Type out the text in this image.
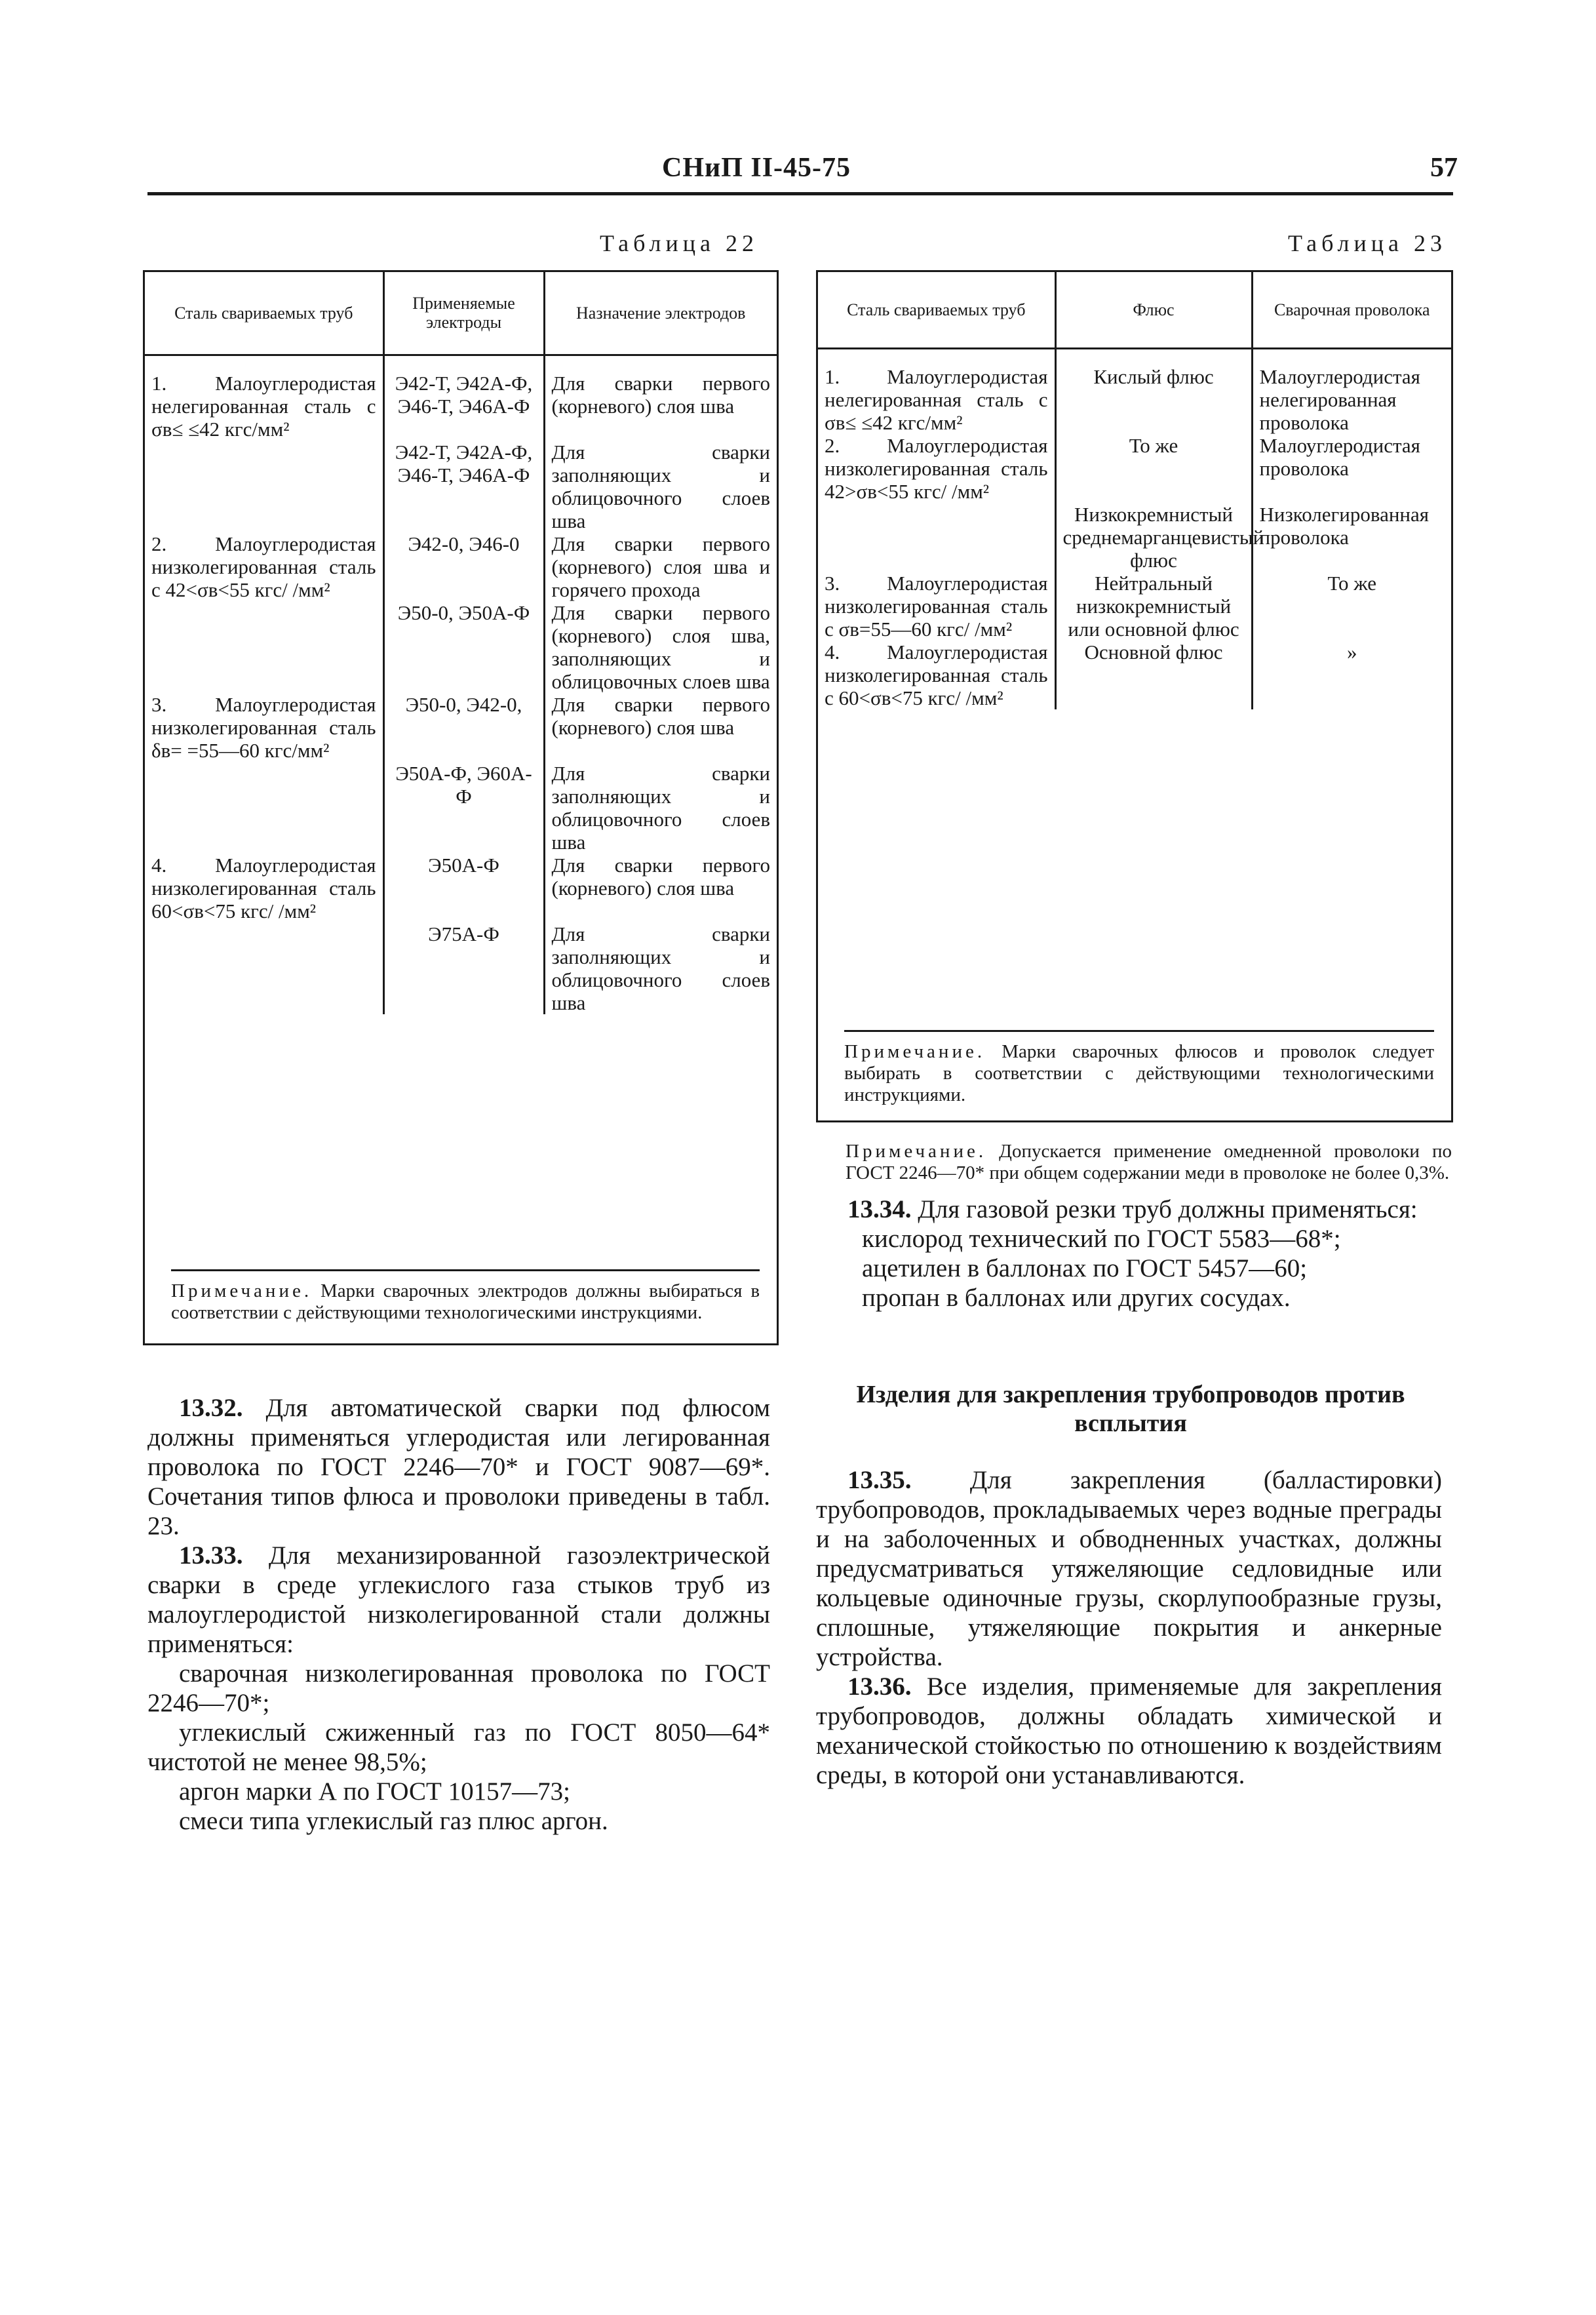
СНиП II-45-75	57
Таблица 22
Сталь свариваемых труб	Применяемые электроды	Назначение электродов

1. Малоуглеродистая нелегированная сталь с σв≤ ≤42 кгс/мм²	Э42-Т, Э42А-Ф, Э46-Т, Э46А-Ф	Для сварки первого (корневого) слоя шва
	Э42-Т, Э42А-Ф, Э46-Т, Э46А-Ф	Для сварки заполняющих и облицовочного слоев шва
2. Малоуглеродистая низколегированная сталь с 42<σв<55 кгс/ /мм²	Э42-0, Э46-0	Для сварки первого (корневого) слоя шва и горячего прохода
	Э50-0, Э50А-Ф	Для сварки первого (корневого) слоя шва, заполняющих и облицовочных слоев шва
3. Малоуглеродистая низколегированная сталь δв= =55—60 кгс/мм²	Э50-0, Э42-0,	Для сварки первого (корневого) слоя шва
	Э50А-Ф, Э60А-Ф	Для сварки заполняющих и облицовочного слоев шва
4. Малоуглеродистая низколегированная сталь 60<σв<75 кгс/ /мм²	Э50А-Ф	Для сварки первого (корневого) слоя шва
	Э75А-Ф	Для сварки заполняющих и облицовочного слоев шва
Примечание. Марки сварочных электродов должны выбираться в соответствии с действующими технологическими инструкциями.
Таблица 23
Сталь свариваемых труб	Флюс	Сварочная проволока

1. Малоуглеродистая нелегированная сталь с σв≤ ≤42 кгс/мм²	Кислый флюс	Малоуглеродистая нелегированная проволока
2. Малоуглеродистая низколегированная сталь 42>σв<55 кгс/ /мм²	То же	Малоуглеродистая проволока
	Низкокремнистый среднемарганцевистый флюс	Низколегированная проволока
3. Малоуглеродистая низколегированная сталь с σв=55—60 кгс/ /мм²	Нейтральный низкокремнистый или основной флюс	То же
4. Малоуглеродистая низколегированная сталь с 60<σв<75 кгс/ /мм²	Основной флюс	»
Примечание. Марки сварочных флюсов и проволок следует выбирать в соответствии с действующими технологическими инструкциями.
Примечание. Допускается применение омедненной проволоки по ГОСТ 2246—70* при общем содержании меди в проволоке не более 0,3%.

13.32. Для автоматической сварки под флюсом должны применяться углеродистая или легированная проволока по ГОСТ 2246—70* и ГОСТ 9087—69*. Сочетания типов флюса и проволоки приведены в табл. 23.

13.33. Для механизированной газоэлектрической сварки в среде углекислого газа стыков труб из малоуглеродистой низколегированной стали должны применяться:

сварочная низколегированная проволока по ГОСТ 2246—70*;

углекислый сжиженный газ по ГОСТ 8050—64* чистотой не менее 98,5%;

аргон марки А по ГОСТ 10157—73;

смеси типа углекислый газ плюс аргон.

13.34. Для газовой резки труб должны применяться:

кислород технический по ГОСТ 5583—68*;

ацетилен в баллонах по ГОСТ 5457—60;

пропан в баллонах или других сосудах.

Изделия для закрепления трубопроводов против всплытия

13.35. Для закрепления (балластировки) трубопроводов, прокладываемых через водные преграды и на заболоченных и обводненных участках, должны предусматриваться утяжеляющие седловидные или кольцевые одиночные грузы, скорлупообразные грузы, сплошные, утяжеляющие покрытия и анкерные устройства.

13.36. Все изделия, применяемые для закрепления трубопроводов, должны обладать химической и механической стойкостью по отношению к воздействиям среды, в которой они устанавливаются.
